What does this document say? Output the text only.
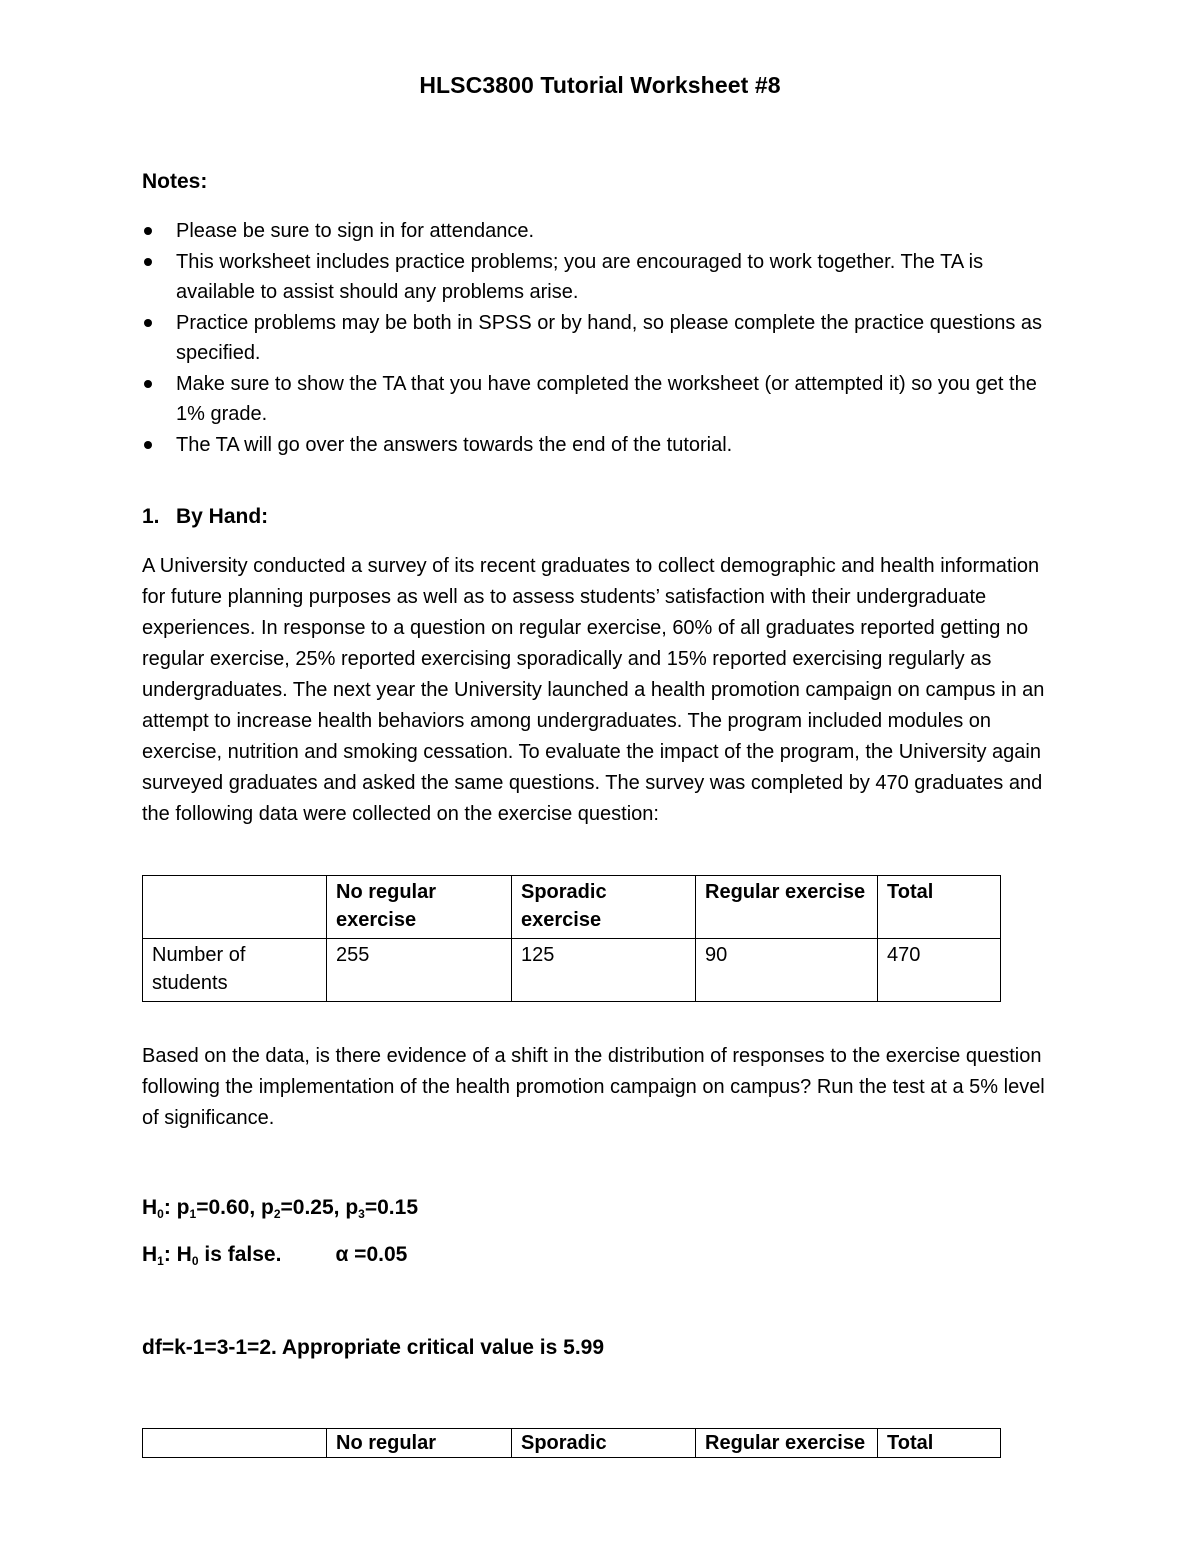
HLSC3800 Tutorial Worksheet #8
Notes:
Please be sure to sign in for attendance.
This worksheet includes practice problems; you are encouraged to work together. The TA is available to assist should any problems arise.
Practice problems may be both in SPSS or by hand, so please complete the practice questions as specified.
Make sure to show the TA that you have completed the worksheet (or attempted it) so you get the 1% grade.
The TA will go over the answers towards the end of the tutorial.
1. By Hand:

A University conducted a survey of its recent graduates to collect demographic and health information for future planning purposes as well as to assess students’ satisfaction with their undergraduate experiences. In response to a question on regular exercise, 60% of all graduates reported getting no regular exercise, 25% reported exercising sporadically and 15% reported exercising regularly as undergraduates. The next year the University launched a health promotion campaign on campus in an attempt to increase health behaviors among undergraduates. The program included modules on exercise, nutrition and smoking cessation. To evaluate the impact of the program, the University again surveyed graduates and asked the same questions. The survey was completed by 470 graduates and the following data were collected on the exercise question:

	No regular exercise	Sporadic exercise	Regular exercise	Total
Number of students	255	125	90	470

Based on the data, is there evidence of a shift in the distribution of responses to the exercise question following the implementation of the health promotion campaign on campus? Run the test at a 5% level of significance.

$H_0$: $p_1=0.60$, $p_2=0.25$, $p_3=0.15$
$H_1$: $H_0$ is false.	α =0.05
df=k-1=3-1=2. Appropriate critical value is 5.99
	No regular	Sporadic	Regular exercise	Total
